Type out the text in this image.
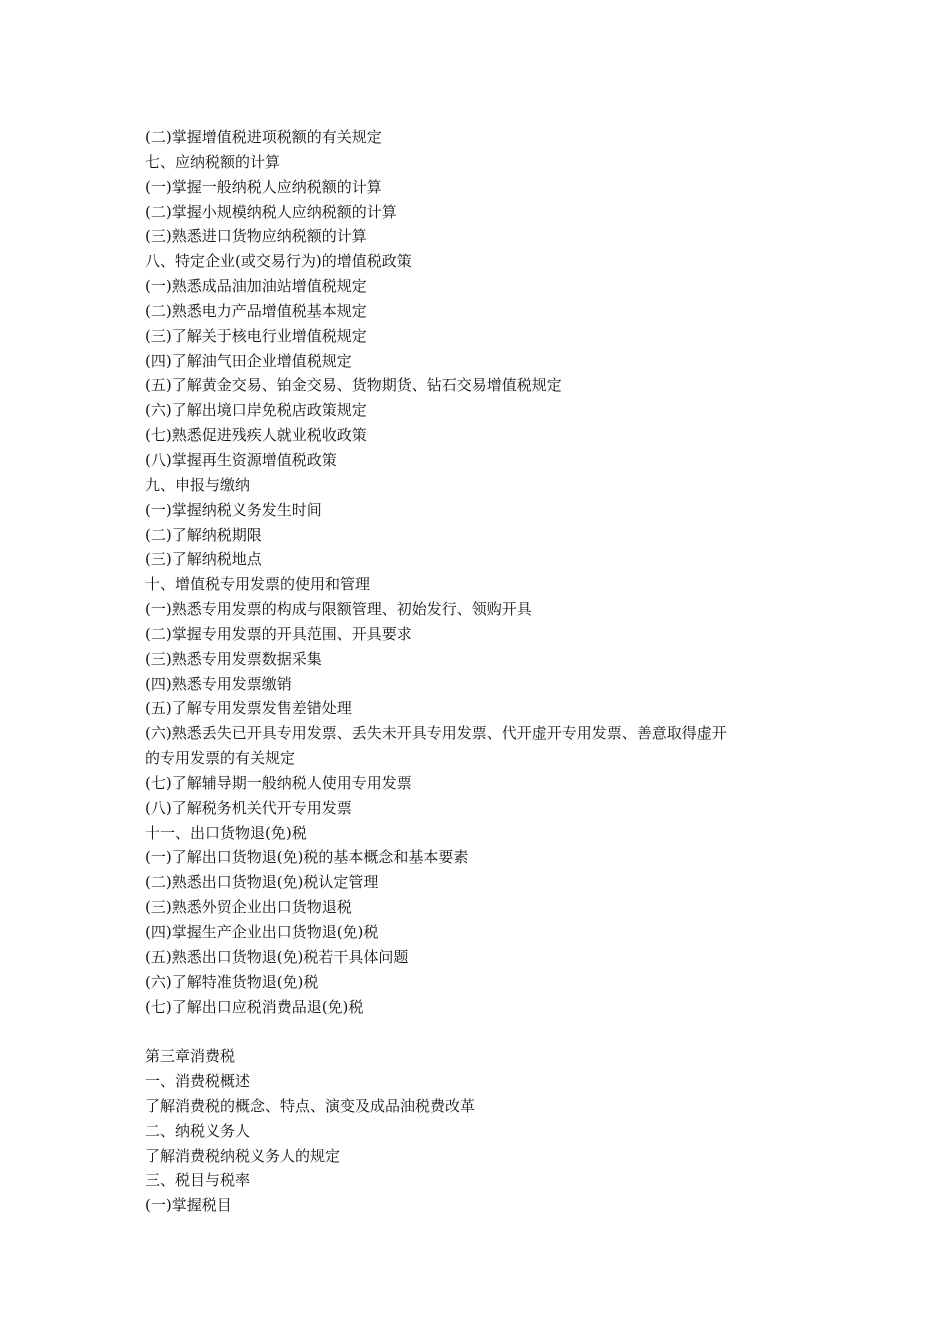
(二)掌握增值税进项税额的有关规定
七、应纳税额的计算
(一)掌握一般纳税人应纳税额的计算
(二)掌握小规模纳税人应纳税额的计算
(三)熟悉进口货物应纳税额的计算
八、特定企业(或交易行为)的增值税政策
(一)熟悉成品油加油站增值税规定
(二)熟悉电力产品增值税基本规定
(三)了解关于核电行业增值税规定
(四)了解油气田企业增值税规定
(五)了解黄金交易、铂金交易、货物期货、钻石交易增值税规定
(六)了解出境口岸免税店政策规定
(七)熟悉促进残疾人就业税收政策
(八)掌握再生资源增值税政策
九、申报与缴纳
(一)掌握纳税义务发生时间
(二)了解纳税期限
(三)了解纳税地点
十、增值税专用发票的使用和管理
(一)熟悉专用发票的构成与限额管理、初始发行、领购开具
(二)掌握专用发票的开具范围、开具要求
(三)熟悉专用发票数据采集
(四)熟悉专用发票缴销
(五)了解专用发票发售差错处理
(六)熟悉丢失已开具专用发票、丢失未开具专用发票、代开虚开专用发票、善意取得虚开
的专用发票的有关规定
(七)了解辅导期一般纳税人使用专用发票
(八)了解税务机关代开专用发票
十一、出口货物退(免)税
(一)了解出口货物退(免)税的基本概念和基本要素
(二)熟悉出口货物退(免)税认定管理
(三)熟悉外贸企业出口货物退税
(四)掌握生产企业出口货物退(免)税
(五)熟悉出口货物退(免)税若干具体问题
(六)了解特准货物退(免)税
(七)了解出口应税消费品退(免)税
第三章消费税
一、消费税概述
了解消费税的概念、特点、演变及成品油税费改革
二、纳税义务人
了解消费税纳税义务人的规定
三、税目与税率
(一)掌握税目
